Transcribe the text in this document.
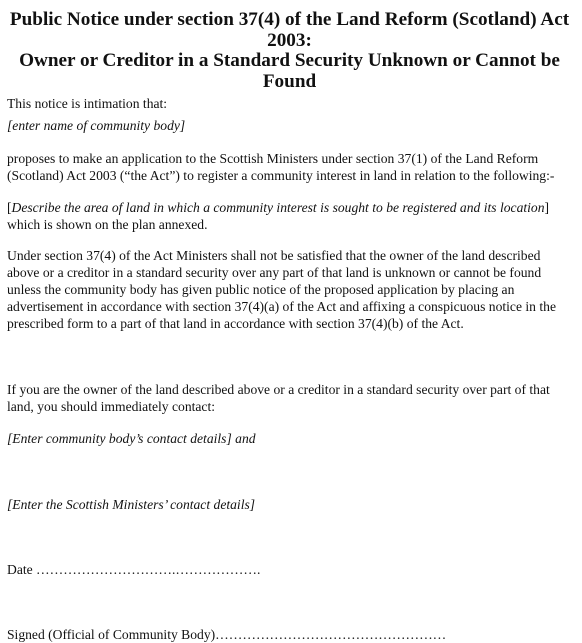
Public Notice under section 37(4) of the Land Reform (Scotland) Act 2003:
Owner or Creditor in a Standard Security Unknown or Cannot be Found

This notice is intimation that:

[enter name of community body]

proposes to make an application to the Scottish Ministers under section 37(1) of the Land Reform (Scotland) Act 2003 (“the Act”) to register a community interest in land in relation to the following:-

[Describe the area of land in which a community interest is sought to be registered and its location] which is shown on the plan annexed.

Under section 37(4) of the Act Ministers shall not be satisfied that the owner of the land described above or a creditor in a standard security over any part of that land is unknown or cannot be found unless the community body has given public notice of the proposed application by placing an advertisement in accordance with section 37(4)(a) of the Act and affixing a conspicuous notice in the prescribed form to a part of that land in accordance with section 37(4)(b) of the Act.

If you are the owner of the land described above or a creditor in a standard security over part of that land, you should immediately contact:

[Enter community body’s contact details] and

[Enter the Scottish Ministers’ contact details]

Date ………………………….……………….

Signed (Official of Community Body)……………………………………………
